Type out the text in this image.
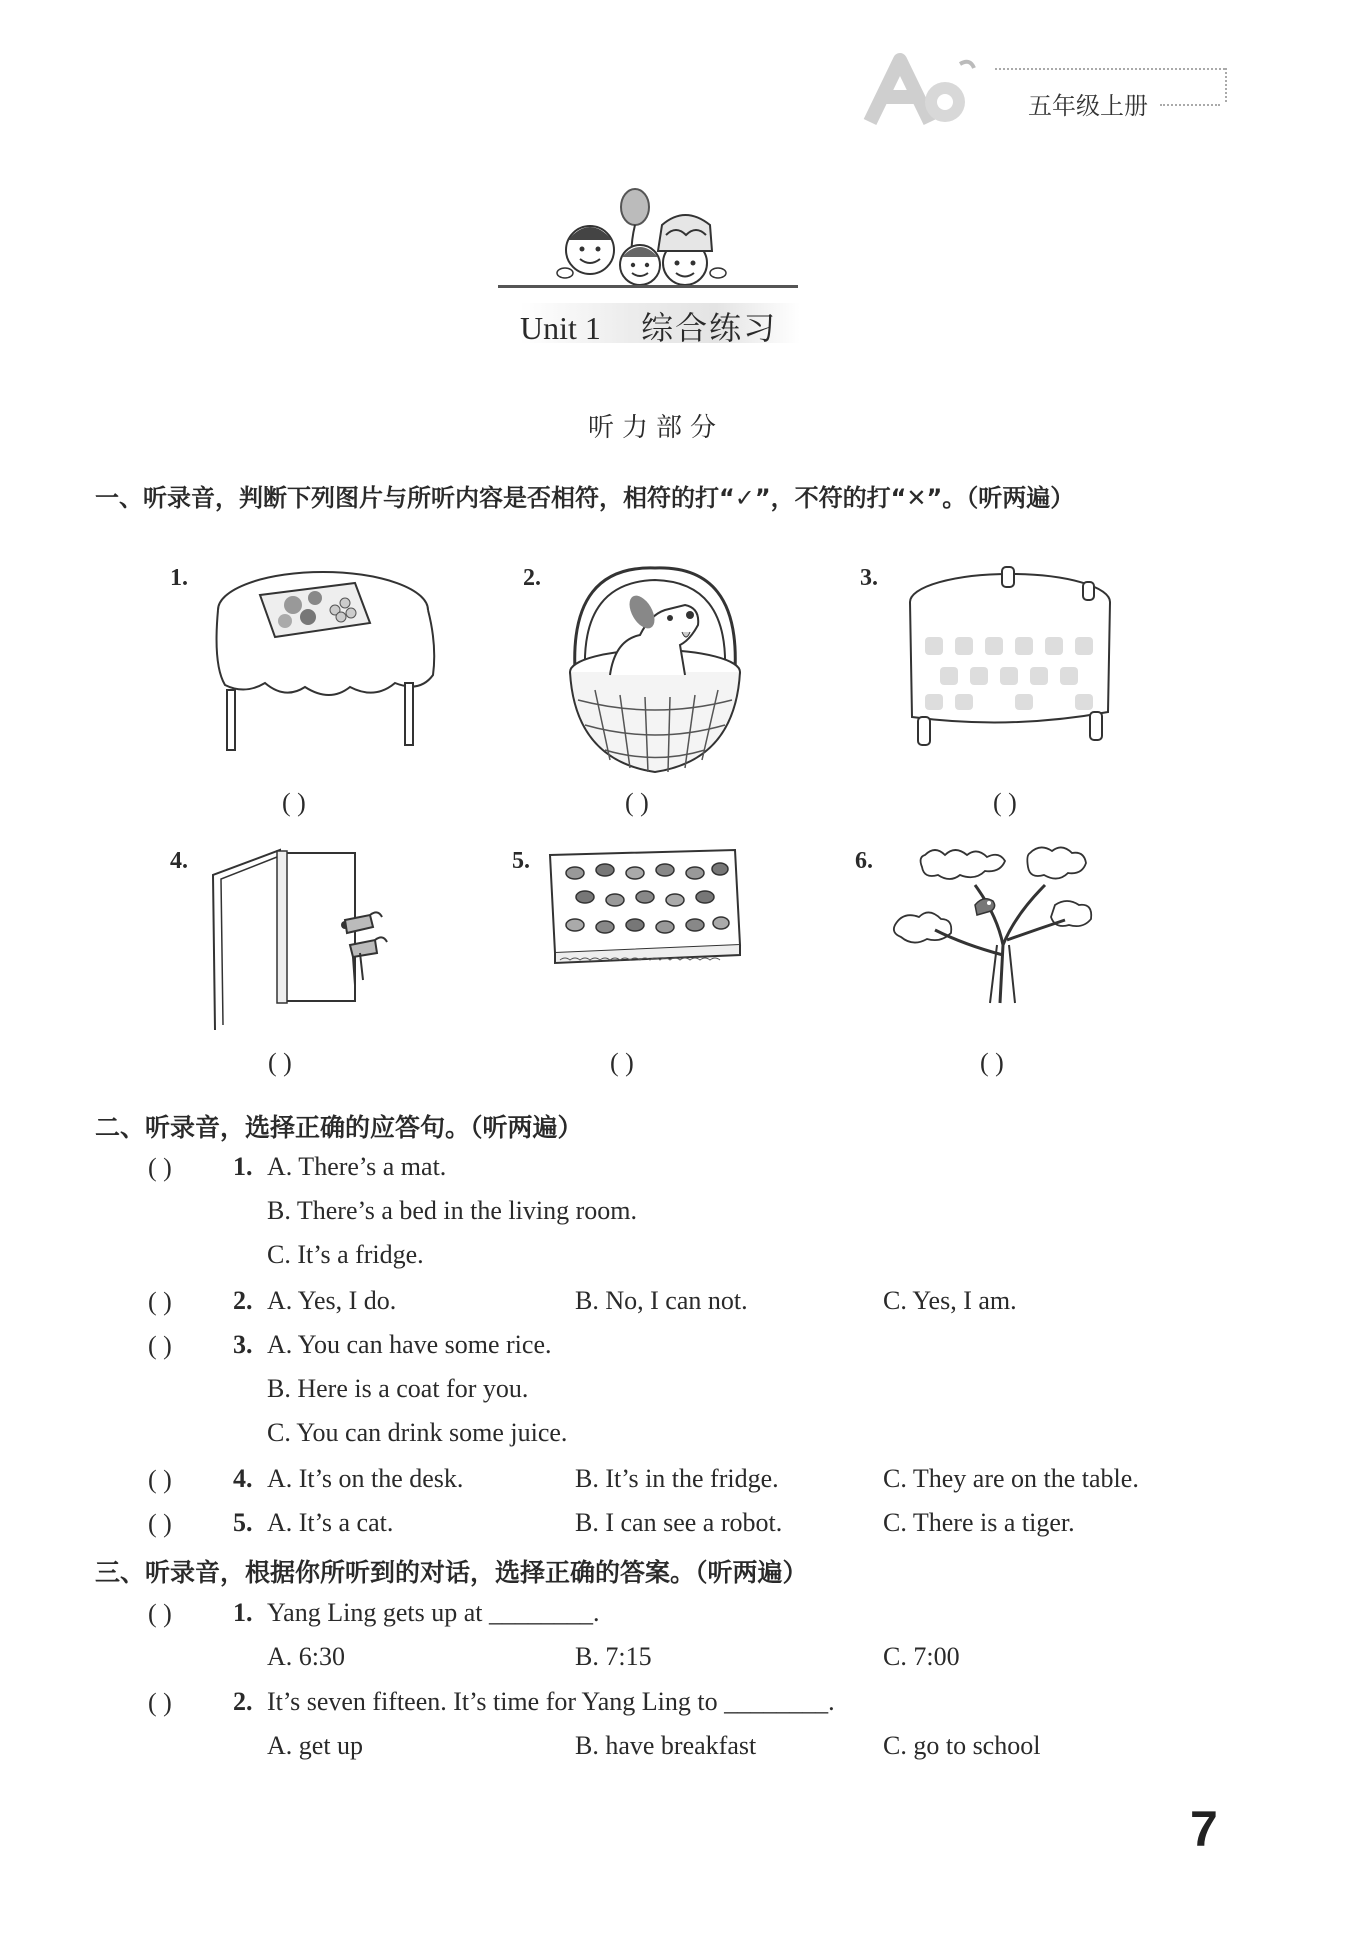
五年级上册
Unit 1 综合练习
听力部分
一、听录音，判断下列图片与所听内容是否相符，相符的打“✓”，不符的打“✕”。（听两遍）
1.	2.	3.
4.	5.	6.
( )	( )	( )
( )	( )	( )
二、听录音，选择正确的应答句。（听两遍）
( ) 1. A. There’s a mat.
B. There’s a bed in the living room.
C. It’s a fridge.
( ) 2. A. Yes, I do.	B. No, I can not.	C. Yes, I am.
( ) 3. A. You can have some rice.
B. Here is a coat for you.
C. You can drink some juice.
( ) 4. A. It’s on the desk.	B. It’s in the fridge.	C. They are on the table.
( ) 5. A. It’s a cat.	B. I can see a robot.	C. There is a tiger.
三、听录音，根据你所听到的对话，选择正确的答案。（听两遍）
( ) 1. Yang Ling gets up at ________.
A. 6:30	B. 7:15	C. 7:00
( ) 2. It’s seven fifteen. It’s time for Yang Ling to ________.
A. get up	B. have breakfast	C. go to school
7
